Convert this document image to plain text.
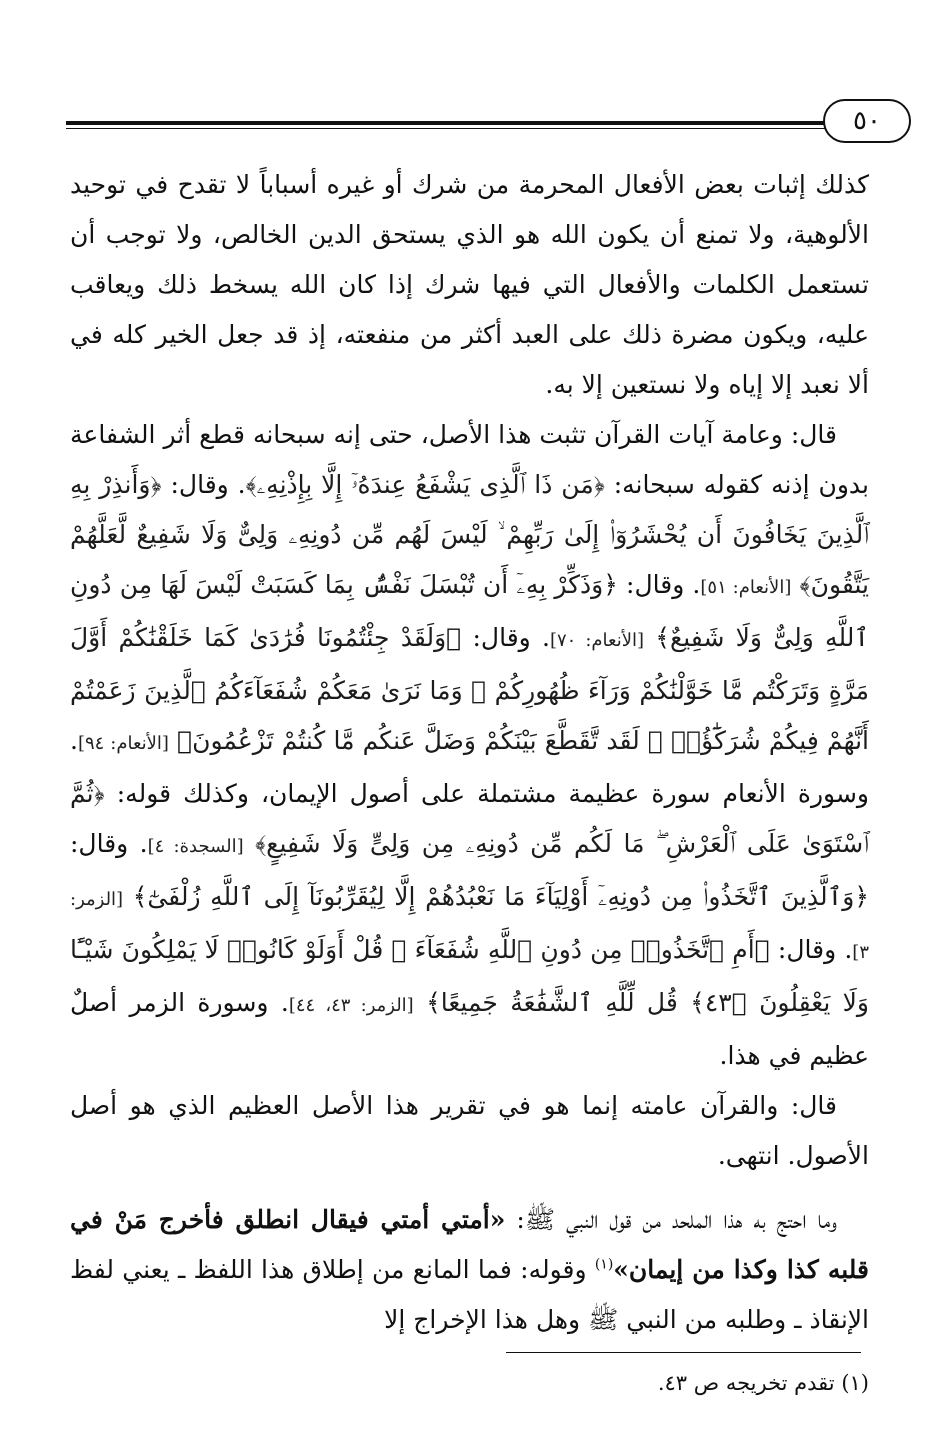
٥٠

كذلك إثبات بعض الأفعال المحرمة من شرك أو غيره أسباباً لا تقدح في توحيد الألوهية، ولا تمنع أن يكون الله هو الذي يستحق الدين الخالص، ولا توجب أن تستعمل الكلمات والأفعال التي فيها شرك إذا كان الله يسخط ذلك ويعاقب عليه، ويكون مضرة ذلك على العبد أكثر من منفعته، إذ قد جعل الخير كله في ألا نعبد إلا إياه ولا نستعين إلا به.

قال: وعامة آيات القرآن تثبت هذا الأصل، حتى إنه سبحانه قطع أثر الشفاعة بدون إذنه كقوله سبحانه: ﴿مَن ذَا ٱلَّذِى يَشْفَعُ عِندَهُۥٓ إِلَّا بِإِذْنِهِۦ﴾. وقال: ﴿وَأَنذِرْ بِهِ ٱلَّذِينَ يَخَافُونَ أَن يُحْشَرُوٓا۟ إِلَىٰ رَبِّهِمْ ۙ لَيْسَ لَهُم مِّن دُونِهِۦ وَلِىٌّ وَلَا شَفِيعٌ لَّعَلَّهُمْ يَتَّقُونَ﴾ [الأنعام: ٥١]. وقال: ﴿وَذَكِّرْ بِهِۦٓ أَن تُبْسَلَ نَفْسٌۢ بِمَا كَسَبَتْ لَيْسَ لَهَا مِن دُونِ ٱللَّهِ وَلِىٌّ وَلَا شَفِيعٌ﴾ [الأنعام: ٧٠]. وقال: ﴿وَلَقَدْ جِئْتُمُونَا فُرَٰدَىٰ كَمَا خَلَقْنَٰكُمْ أَوَّلَ مَرَّةٍ وَتَرَكْتُم مَّا خَوَّلْنَٰكُمْ وَرَآءَ ظُهُورِكُمْ ۖ وَمَا نَرَىٰ مَعَكُمْ شُفَعَآءَكُمُ ٱلَّذِينَ زَعَمْتُمْ أَنَّهُمْ فِيكُمْ شُرَكَٰٓؤُا۟ ۚ لَقَد تَّقَطَّعَ بَيْنَكُمْ وَضَلَّ عَنكُم مَّا كُنتُمْ تَزْعُمُونَ﴾ [الأنعام: ٩٤]. وسورة الأنعام سورة عظيمة مشتملة على أصول الإيمان، وكذلك قوله: ﴿ثُمَّ ٱسْتَوَىٰ عَلَى ٱلْعَرْشِ ۖ مَا لَكُم مِّن دُونِهِۦ مِن وَلِىٍّ وَلَا شَفِيعٍ﴾ [السجدة: ٤]. وقال: ﴿وَٱلَّذِينَ ٱتَّخَذُوا۟ مِن دُونِهِۦٓ أَوْلِيَآءَ مَا نَعْبُدُهُمْ إِلَّا لِيُقَرِّبُونَآ إِلَى ٱللَّهِ زُلْفَىٰٓ﴾ [الزمر: ٣]. وقال: ﴿أَمِ ٱتَّخَذُوا۟ مِن دُونِ ٱللَّهِ شُفَعَآءَ ۚ قُلْ أَوَلَوْ كَانُوا۟ لَا يَمْلِكُونَ شَيْـًٔا وَلَا يَعْقِلُونَ ﴿٤٣﴾ قُل لِّلَّهِ ٱلشَّفَٰعَةُ جَمِيعًا﴾ [الزمر: ٤٣، ٤٤]. وسورة الزمر أصلٌ عظيم في هذا.

قال: والقرآن عامته إنما هو في تقرير هذا الأصل العظيم الذي هو أصل الأصول. انتهى.

وما احتج به هذا الملحد من قول النبي ﷺ: «أمتي أمتي فيقال انطلق فأخرج مَنْ في قلبه كذا وكذا من إيمان»$^{(١)}$ وقوله: فما المانع من إطلاق هذا اللفظ ـ يعني لفظ الإنقاذ ـ وطلبه من النبي ﷺ وهل هذا الإخراج إلا

(١) تقدم تخريجه ص ٤٣.
